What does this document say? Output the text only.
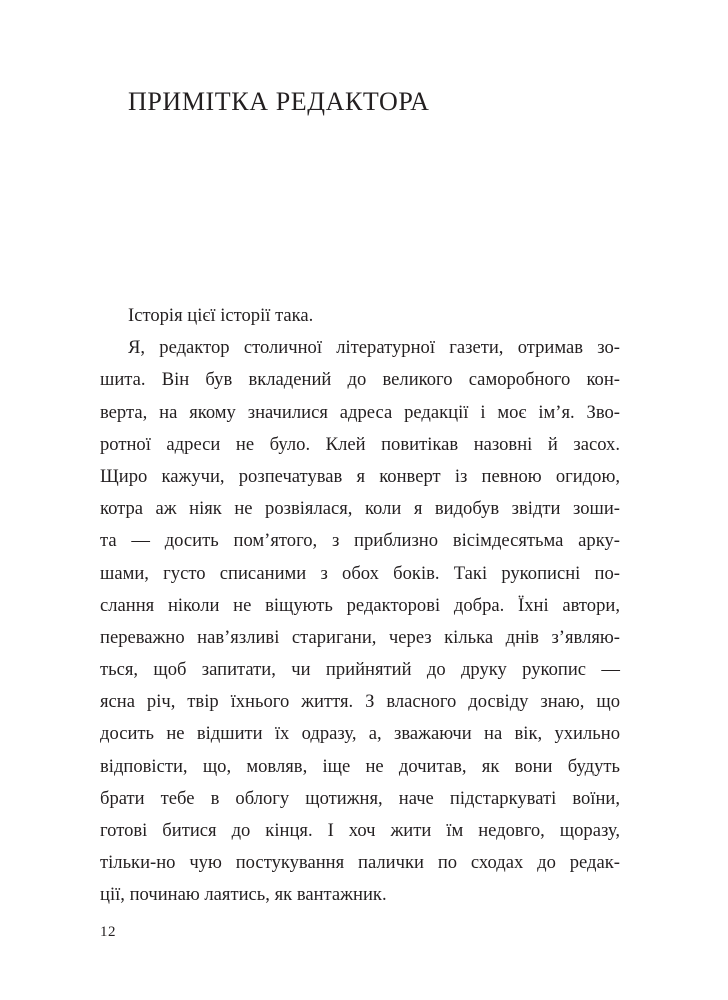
ПРИМІТКА РЕДАКТОРА
Історія цієї історії така.
Я, редактор столичної літературної газети, отримав зо-
шита. Він був вкладений до великого саморобного кон-
верта, на якому значилися адреса редакції і моє ім’я. Зво-
ротної адреси не було. Клей повитікав назовні й засох.
Щиро кажучи, розпечатував я конверт із певною огидою,
котра аж ніяк не розвіялася, коли я видобув звідти зоши-
та — досить пом’ятого, з приблизно вісімдесятьма арку-
шами, густо списаними з обох боків. Такі рукописні по-
слання ніколи не віщують редакторові добра. Їхні автори,
переважно нав’язливі старигани, через кілька днів з’являю-
ться, щоб запитати, чи прийнятий до друку рукопис —
ясна річ, твір їхнього життя. З власного досвіду знаю, що
досить не відшити їх одразу, а, зважаючи на вік, ухильно
відповісти, що, мовляв, іще не дочитав, як вони будуть
брати тебе в облогу щотижня, наче підстаркуваті воїни,
готові битися до кінця. І хоч жити їм недовго, щоразу,
тільки-но чую постукування палички по сходах до редак-
ції, починаю лаятись, як вантажник.
12
